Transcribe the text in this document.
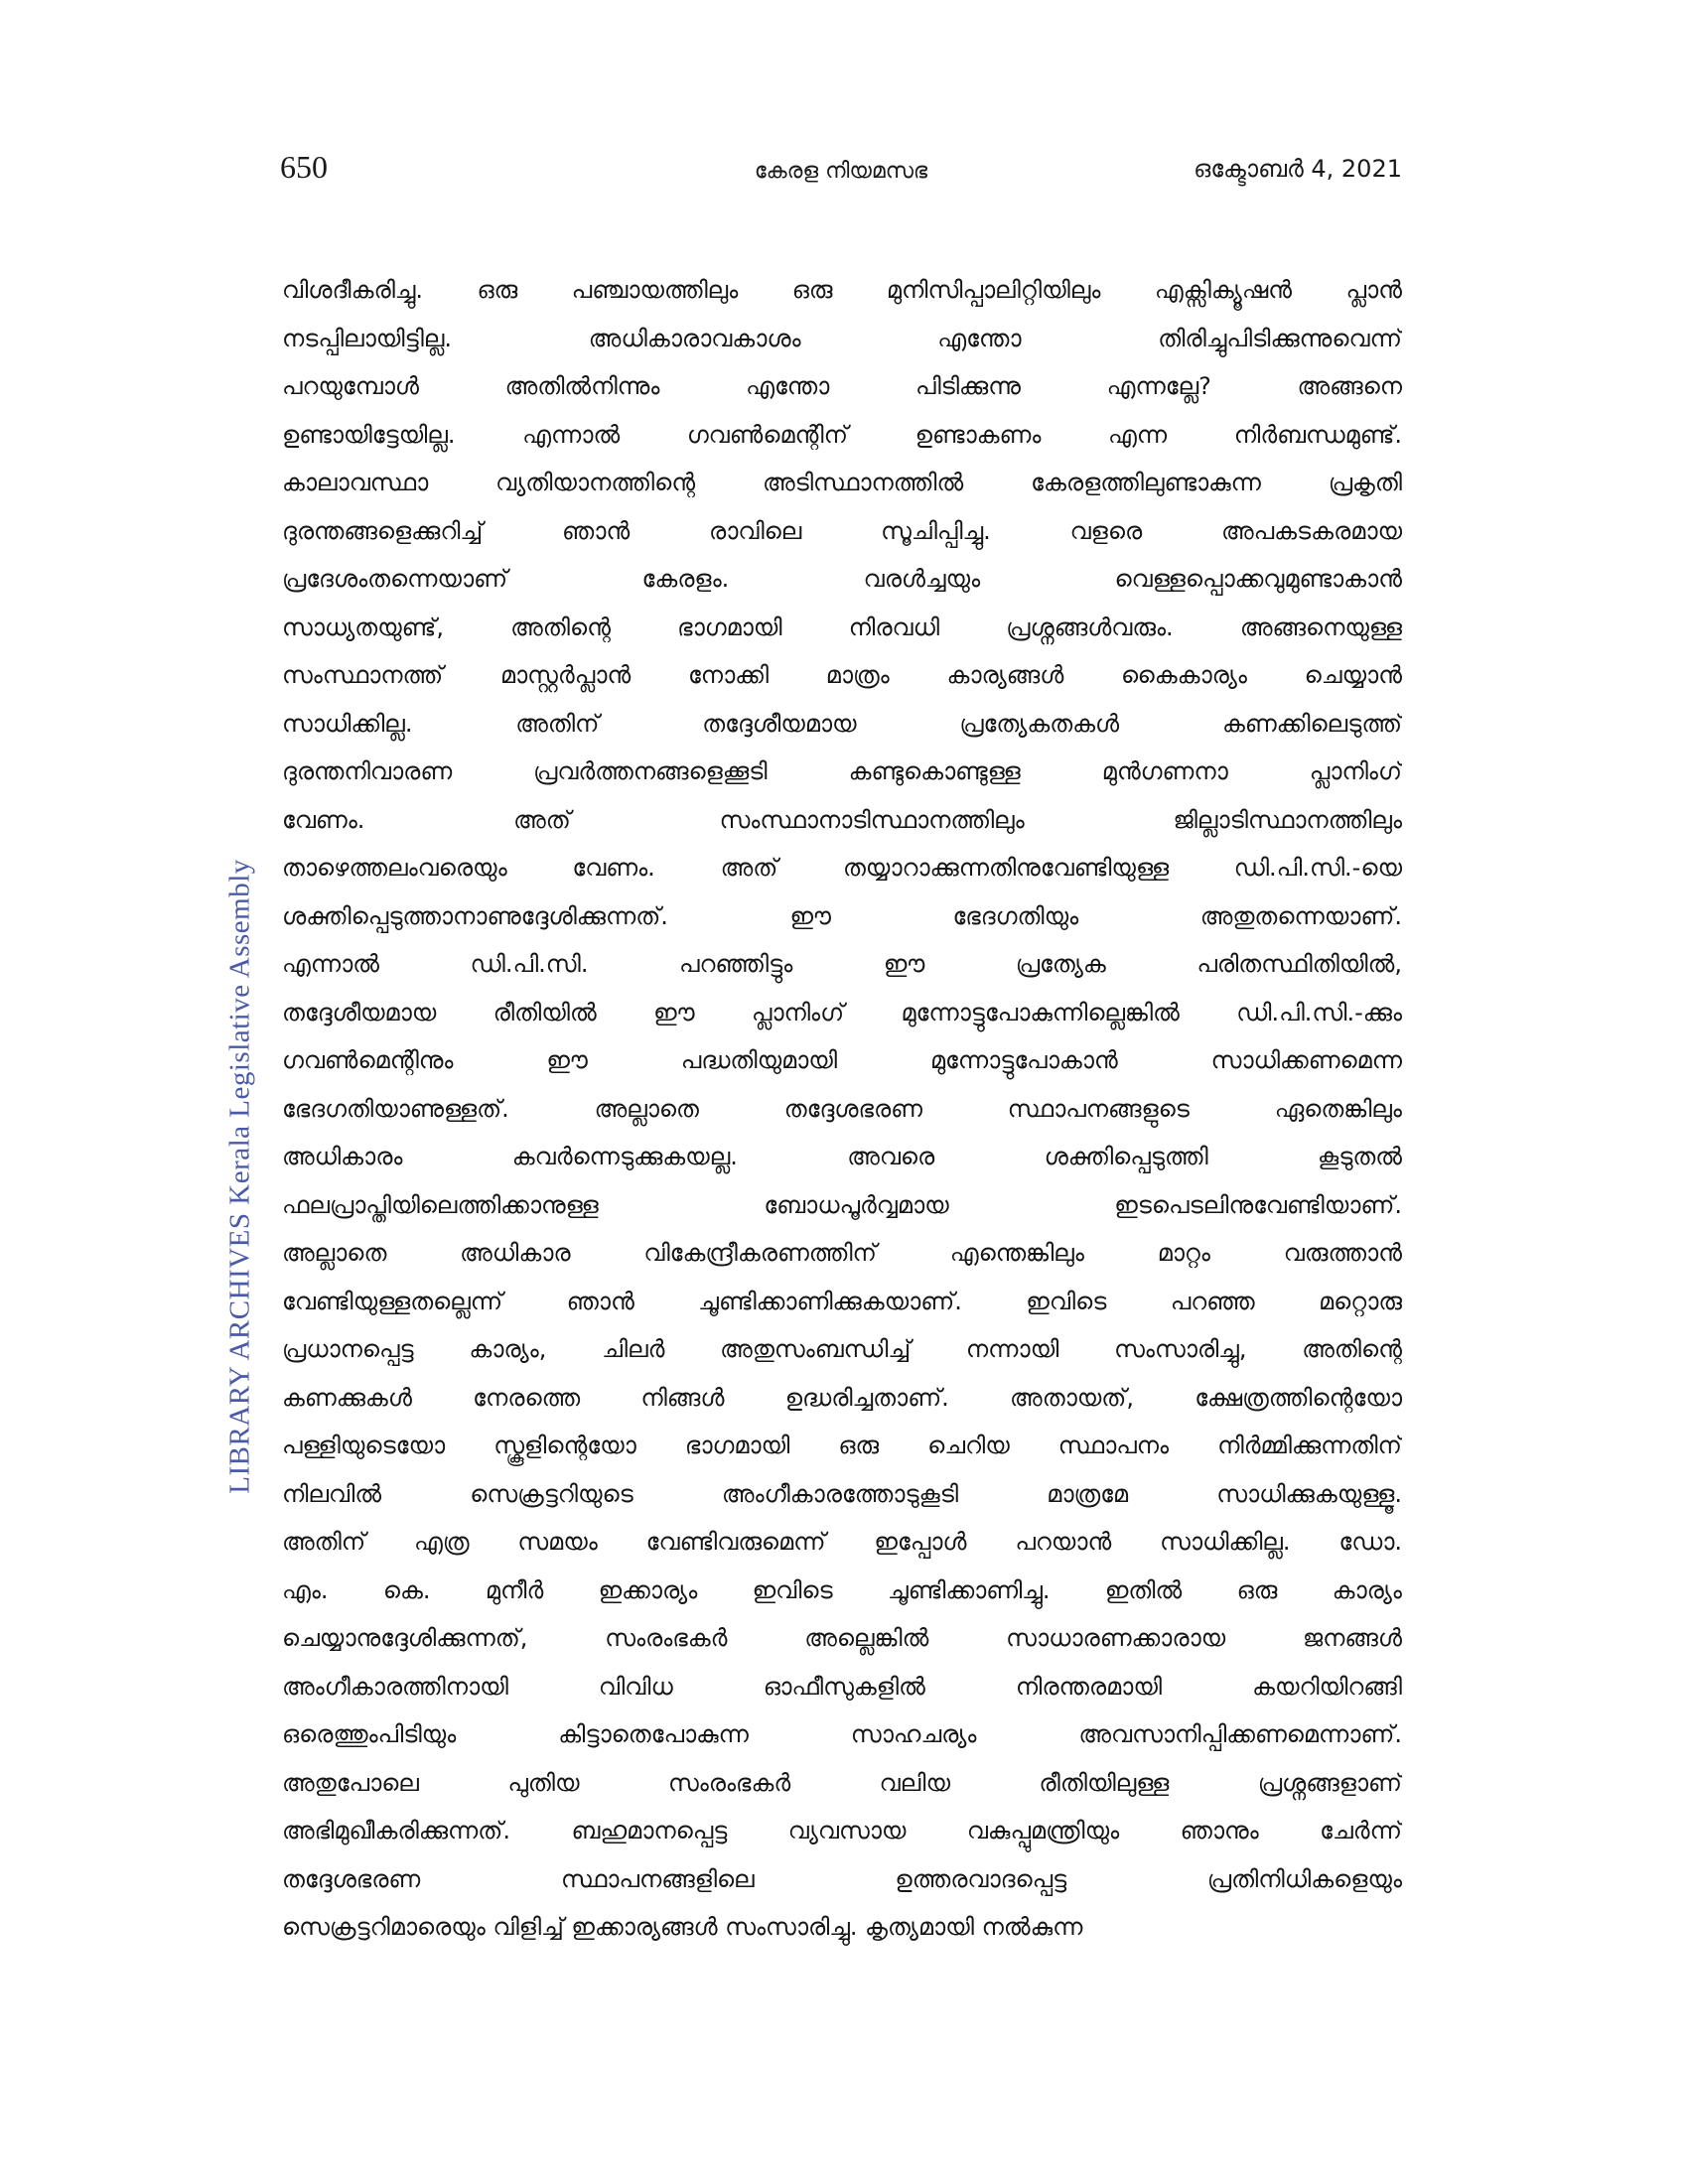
650	കേരള നിയമസഭ	ഒക്ടോബർ 4, 2021
LIBRARY ARCHIVES Kerala Legislative Assembly
വിശദീകരിച്ചു. ഒരു പഞ്ചായത്തിലും ഒരു മുനിസിപ്പാലിറ്റിയിലും എക്സിക്യൂഷൻ പ്ലാൻ
നടപ്പിലായിട്ടില്ല. അധികാരാവകാശം എന്തോ തിരിച്ചുപിടിക്കുന്നുവെന്ന്
പറയുമ്പോൾ അതിൽനിന്നും എന്തോ പിടിക്കുന്നു എന്നല്ലേ? അങ്ങനെ
ഉണ്ടായിട്ടേയില്ല. എന്നാൽ ഗവൺമെന്റിന് ഉണ്ടാകണം എന്ന നിർബന്ധമുണ്ട്.
കാലാവസ്ഥാ വ്യതിയാനത്തിന്റെ അടിസ്ഥാനത്തിൽ കേരളത്തിലുണ്ടാകുന്ന പ്രകൃതി
ദുരന്തങ്ങളെക്കുറിച്ച് ഞാൻ രാവിലെ സൂചിപ്പിച്ചു. വളരെ അപകടകരമായ
പ്രദേശംതന്നെയാണ് കേരളം. വരൾച്ചയും വെള്ളപ്പൊക്കവുമുണ്ടാകാൻ
സാധ്യതയുണ്ട്, അതിന്റെ ഭാഗമായി നിരവധി പ്രശ്നങ്ങൾവരും. അങ്ങനെയുള്ള
സംസ്ഥാനത്ത് മാസ്റ്റർപ്ലാൻ നോക്കി മാത്രം കാര്യങ്ങൾ കൈകാര്യം ചെയ്യാൻ
സാധിക്കില്ല. അതിന് തദ്ദേശീയമായ പ്രത്യേകതകൾ കണക്കിലെടുത്ത്
ദുരന്തനിവാരണ പ്രവർത്തനങ്ങളെക്കൂടി കണ്ടുകൊണ്ടുള്ള മുൻഗണനാ പ്ലാനിംഗ്
വേണം. അത് സംസ്ഥാനാടിസ്ഥാനത്തിലും ജില്ലാടിസ്ഥാനത്തിലും
താഴെത്തലംവരെയും വേണം. അത് തയ്യാറാക്കുന്നതിനുവേണ്ടിയുള്ള ഡി.പി.സി.-യെ
ശക്തിപ്പെടുത്താനാണുദ്ദേശിക്കുന്നത്. ഈ ഭേദഗതിയും അതുതന്നെയാണ്.
എന്നാൽ ഡി.പി.സി. പറഞ്ഞിട്ടും ഈ പ്രത്യേക പരിതസ്ഥിതിയിൽ,
തദ്ദേശീയമായ രീതിയിൽ ഈ പ്ലാനിംഗ് മുന്നോട്ടുപോകുന്നില്ലെങ്കിൽ ഡി.പി.സി.-ക്കും
ഗവൺമെന്റിനും ഈ പദ്ധതിയുമായി മുന്നോട്ടുപോകാൻ സാധിക്കണമെന്ന
ഭേദഗതിയാണുള്ളത്. അല്ലാതെ തദ്ദേശഭരണ സ്ഥാപനങ്ങളുടെ ഏതെങ്കിലും
അധികാരം കവർന്നെടുക്കുകയല്ല. അവരെ ശക്തിപ്പെടുത്തി കൂടുതൽ
ഫലപ്രാപ്തിയിലെത്തിക്കാനുള്ള ബോധപൂർവ്വമായ ഇടപെടലിനുവേണ്ടിയാണ്.
അല്ലാതെ അധികാര വികേന്ദ്രീകരണത്തിന് എന്തെങ്കിലും മാറ്റം വരുത്താൻ
വേണ്ടിയുള്ളതല്ലെന്ന് ഞാൻ ചൂണ്ടിക്കാണിക്കുകയാണ്. ഇവിടെ പറഞ്ഞ മറ്റൊരു
പ്രധാനപ്പെട്ട കാര്യം, ചിലർ അതുസംബന്ധിച്ച് നന്നായി സംസാരിച്ചു, അതിന്റെ
കണക്കുകൾ നേരത്തെ നിങ്ങൾ ഉദ്ധരിച്ചതാണ്. അതായത്, ക്ഷേത്രത്തിന്റെയോ
പള്ളിയുടെയോ സ്കൂളിന്റെയോ ഭാഗമായി ഒരു ചെറിയ സ്ഥാപനം നിർമ്മിക്കുന്നതിന്
നിലവിൽ സെക്രട്ടറിയുടെ അംഗീകാരത്തോടുകൂടി മാത്രമേ സാധിക്കുകയുള്ളൂ.
അതിന് എത്ര സമയം വേണ്ടിവരുമെന്ന് ഇപ്പോൾ പറയാൻ സാധിക്കില്ല. ഡോ.
എം. കെ. മുനീർ ഇക്കാര്യം ഇവിടെ ചൂണ്ടിക്കാണിച്ചു. ഇതിൽ ഒരു കാര്യം
ചെയ്യാനുദ്ദേശിക്കുന്നത്, സംരംഭകർ അല്ലെങ്കിൽ സാധാരണക്കാരായ ജനങ്ങൾ
അംഗീകാരത്തിനായി വിവിധ ഓഫീസുകളിൽ നിരന്തരമായി കയറിയിറങ്ങി
ഒരെത്തുംപിടിയും കിട്ടാതെപോകുന്ന സാഹചര്യം അവസാനിപ്പിക്കണമെന്നാണ്.
അതുപോലെ പുതിയ സംരംഭകർ വലിയ രീതിയിലുള്ള പ്രശ്നങ്ങളാണ്
അഭിമുഖീകരിക്കുന്നത്. ബഹുമാനപ്പെട്ട വ്യവസായ വകുപ്പുമന്ത്രിയും ഞാനും ചേർന്ന്
തദ്ദേശഭരണ സ്ഥാപനങ്ങളിലെ ഉത്തരവാദപ്പെട്ട പ്രതിനിധികളെയും
സെക്രട്ടറിമാരെയും വിളിച്ച് ഇക്കാര്യങ്ങൾ സംസാരിച്ചു. കൃത്യമായി നൽകുന്ന
